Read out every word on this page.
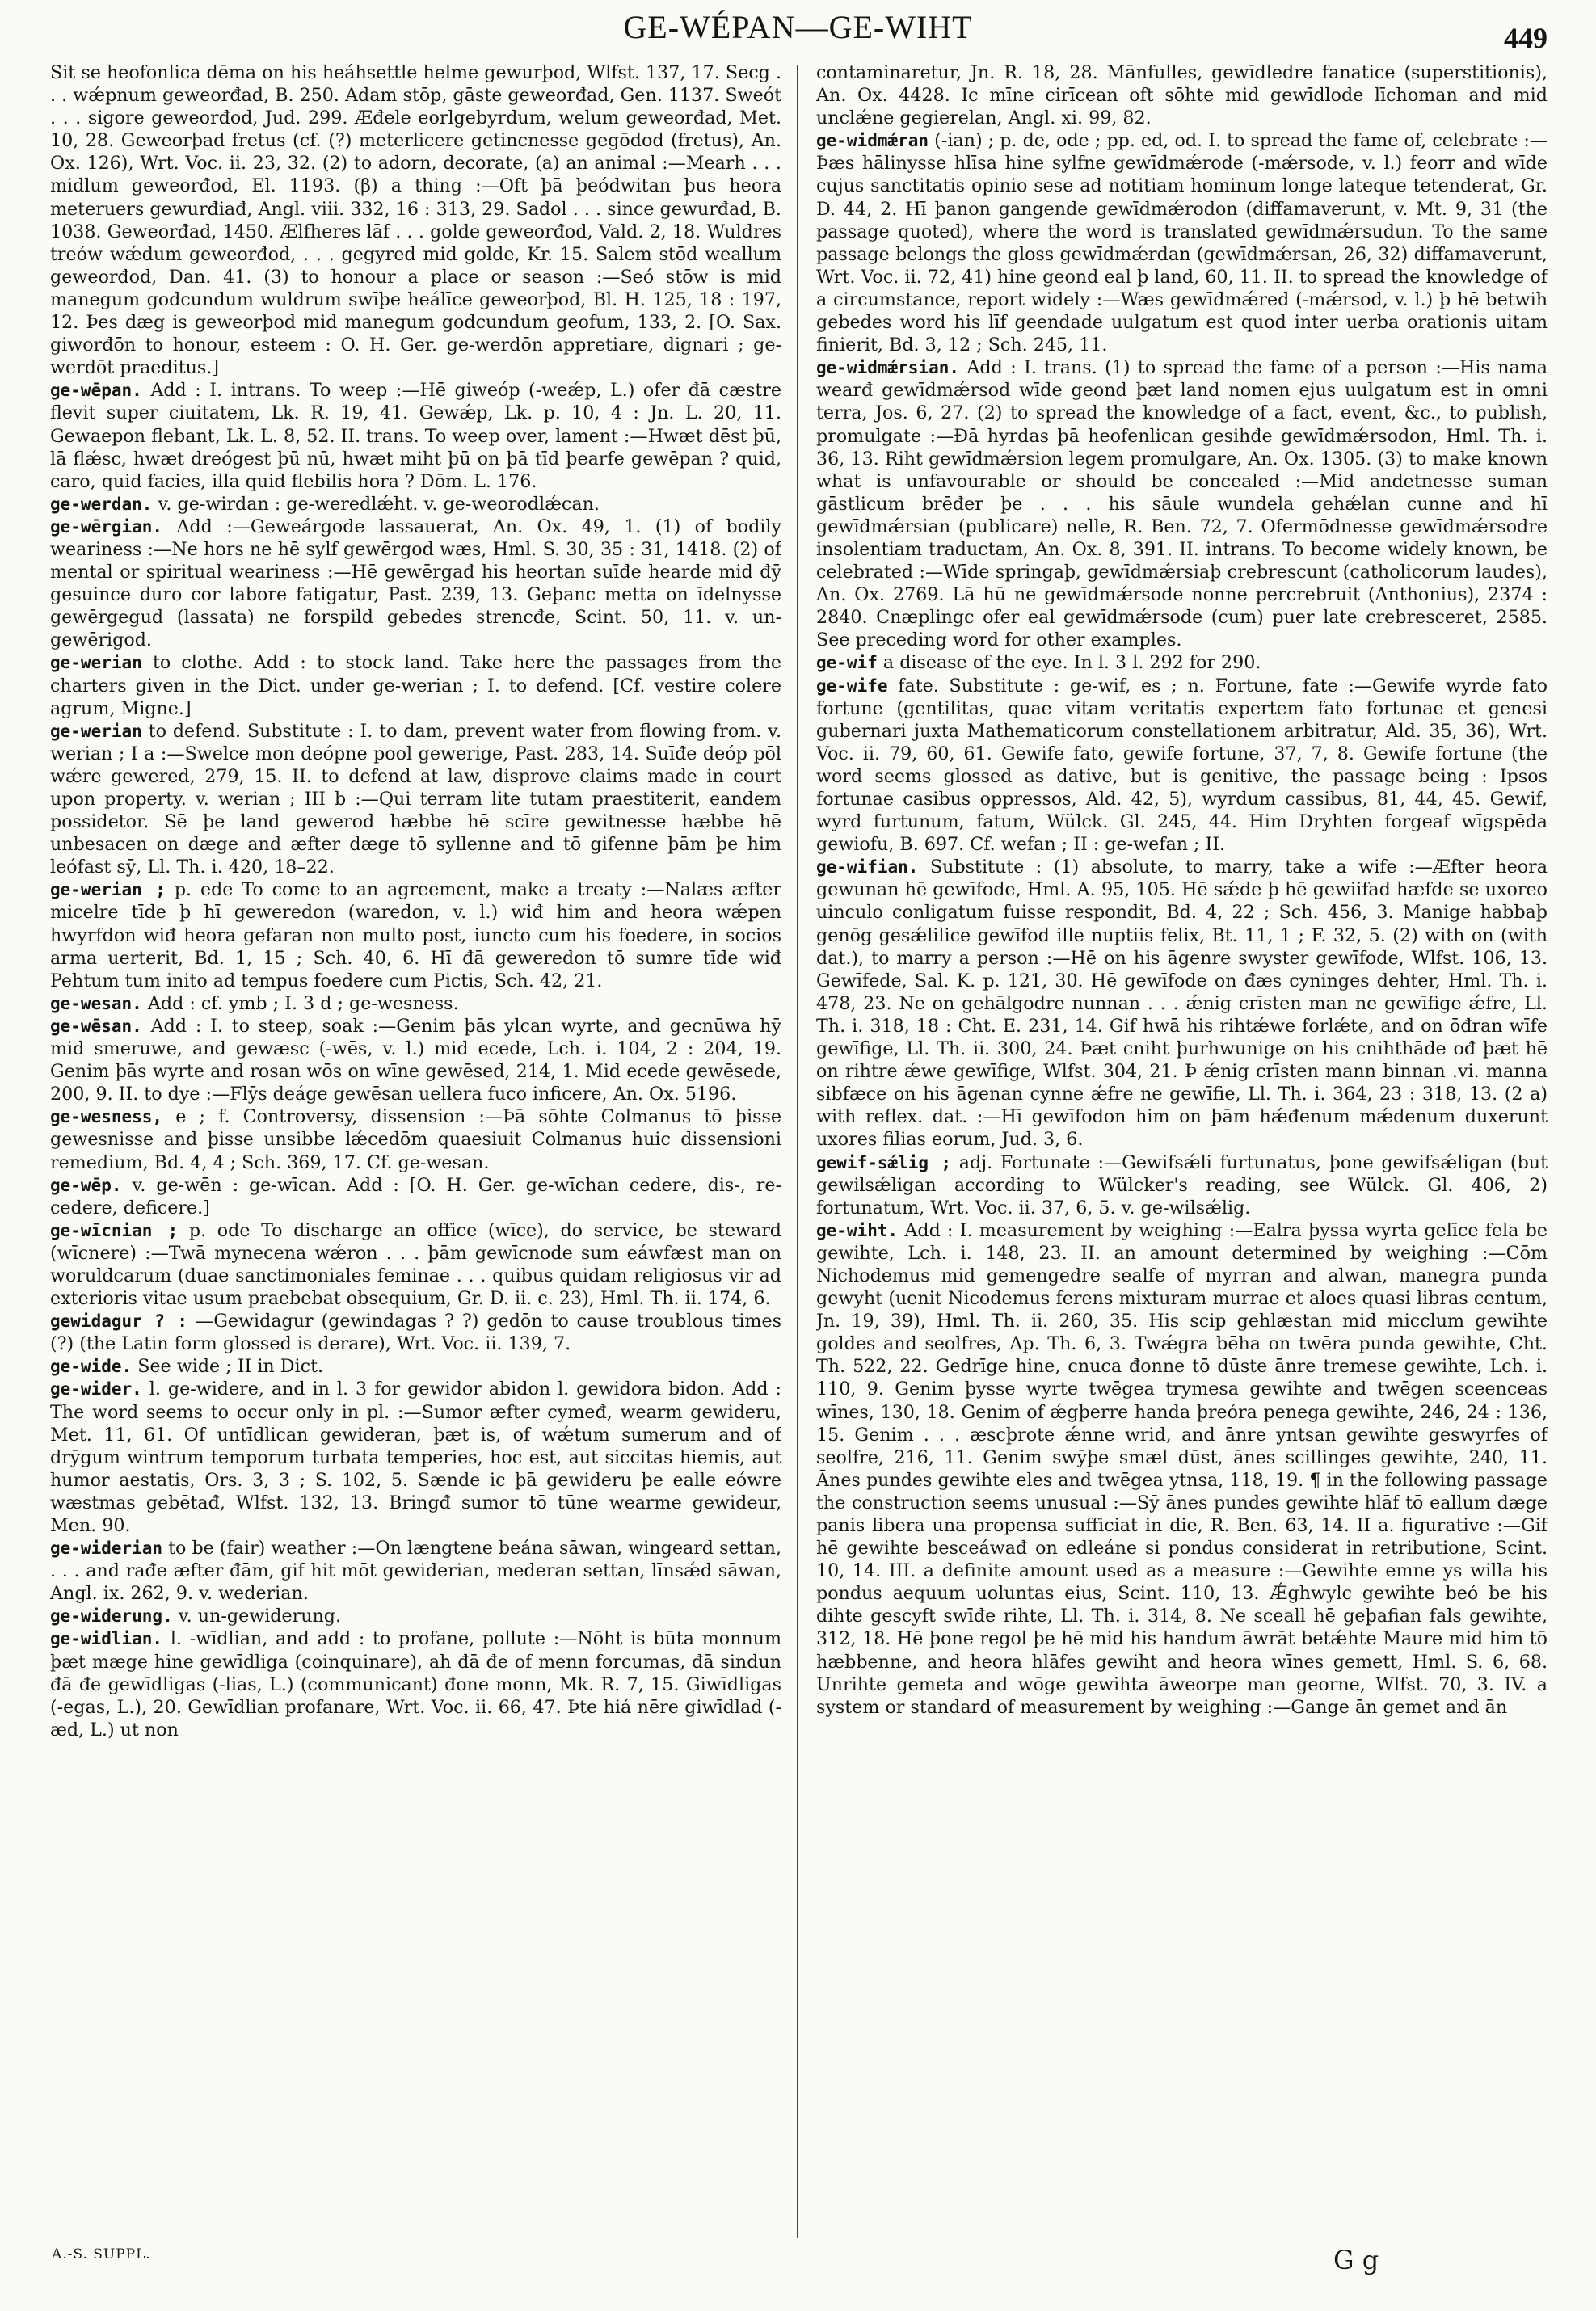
GE-WÉPAN—GE-WIHT	449

Sit se heofonlica dēma on his heáhsettle helme gewurþod, Wlfst. 137, 17. Secg . . . wǽpnum geweorđad, B. 250. Adam stōp, gāste geweorđad, Gen. 1137. Sweót . . . sigore geweorđod, Jud. 299. Æđele eorlgebyrdum, welum geweorđad, Met. 10, 28. Geweorþad fretus (cf. (?) meterlicere getincnesse gegōdod (fretus), An. Ox. 126), Wrt. Voc. ii. 23, 32. (2) to adorn, decorate, (a) an animal :—Mearh . . . midlum geweorđod, El. 1193. (β) a thing :—Oft þā þeódwitan þus heora meteruers gewurđiađ, Angl. viii. 332, 16 : 313, 29. Sadol . . . since gewurđad, B. 1038. Geweorđad, 1450. Ælfheres lāf . . . golde geweorđod, Vald. 2, 18. Wuldres treów wǽdum geweorđod, . . . gegyred mid golde, Kr. 15. Salem stōd weallum geweorđod, Dan. 41. (3) to honour a place or season :—Seó stōw is mid manegum godcundum wuldrum swīþe heálīce geweorþod, Bl. H. 125, 18 : 197, 12. Þes dæg is geweorþod mid manegum godcundum geofum, 133, 2. [O. Sax. giworđōn to honour, esteem : O. H. Ger. ge-werdōn appretiare, dignari ; ge-werdōt praeditus.]

ge-wēpan. Add : I. intrans. To weep :—Hē giweóp (-weǽp, L.) ofer đā cæstre flevit super ciuitatem, Lk. R. 19, 41. Gewǽp, Lk. p. 10, 4 : Jn. L. 20, 11. Gewaepon flebant, Lk. L. 8, 52. II. trans. To weep over, lament :—Hwæt dēst þū, lā flǽsc, hwæt dreógest þū nū, hwæt miht þū on þā tīd þearfe gewēpan ? quid, caro, quid facies, illa quid flebilis hora ? Dōm. L. 176.

ge-werdan. v. ge-wirdan : ge-weredlǽht. v. ge-weorodlǽcan.

ge-wērgian. Add :—Geweárgode lassauerat, An. Ox. 49, 1. (1) of bodily weariness :—Ne hors ne hē sylf gewērgod wæs, Hml. S. 30, 35 : 31, 1418. (2) of mental or spiritual weariness :—Hē gewērgađ his heortan suīđe hearde mid đȳ gesuince duro cor labore fatigatur, Past. 239, 13. Geþanc metta on īdelnysse gewērgegud (lassata) ne forspild gebedes strencđe, Scint. 50, 11. v. un-gewērigod.

ge-werian to clothe. Add : to stock land. Take here the passages from the charters given in the Dict. under ge-werian ; I. to defend. [Cf. vestire colere agrum, Migne.]

ge-werian to defend. Substitute : I. to dam, prevent water from flowing from. v. werian ; I a :—Swelce mon deópne pool gewerige, Past. 283, 14. Suīđe deóp pōl wǽre gewered, 279, 15. II. to defend at law, disprove claims made in court upon property. v. werian ; III b :—Qui terram lite tutam praestiterit, eandem possidetor. Sē þe land gewerod hæbbe hē scīre gewitnesse hæbbe hē unbesacen on dæge and æfter dæge tō syllenne and tō gifenne þām þe him leófast sȳ, Ll. Th. i. 420, 18–22.

ge-werian ; p. ede To come to an agreement, make a treaty :—Nalæs æfter micelre tīde þ hī geweredon (waredon, v. l.) wiđ him and heora wǽpen hwyrfdon wiđ heora gefaran non multo post, iuncto cum his foedere, in socios arma uerterit, Bd. 1, 15 ; Sch. 40, 6. Hī đā geweredon tō sumre tīde wiđ Pehtum tum inito ad tempus foedere cum Pictis, Sch. 42, 21.

ge-wesan. Add : cf. ymb ; I. 3 d ; ge-wesness.

ge-wēsan. Add : I. to steep, soak :—Genim þās ylcan wyrte, and gecnūwa hȳ mid smeruwe, and gewæsc (-wēs, v. l.) mid ecede, Lch. i. 104, 2 : 204, 19. Genim þās wyrte and rosan wōs on wīne gewēsed, 214, 1. Mid ecede gewēsede, 200, 9. II. to dye :—Flȳs deáge gewēsan uellera fuco inficere, An. Ox. 5196.

ge-wesness, e ; f. Controversy, dissension :—Þā sōhte Colmanus tō þisse gewesnisse and þisse unsibbe lǽcedōm quaesiuit Colmanus huic dissensioni remedium, Bd. 4, 4 ; Sch. 369, 17. Cf. ge-wesan.

ge-wēp. v. ge-wēn : ge-wīcan. Add : [O. H. Ger. ge-wīchan cedere, dis-, re-cedere, deficere.]

ge-wīcnian ; p. ode To discharge an office (wīce), do service, be steward (wīcnere) :—Twā mynecena wǽron . . . þām gewīcnode sum eáwfæst man on woruldcarum (duae sanctimoniales feminae . . . quibus quidam religiosus vir ad exterioris vitae usum praebebat obsequium, Gr. D. ii. c. 23), Hml. Th. ii. 174, 6.

gewidagur ? : —Gewidagur (gewindagas ? ?) gedōn to cause troublous times (?) (the Latin form glossed is derare), Wrt. Voc. ii. 139, 7.

ge-wide. See wide ; II in Dict.

ge-wider. l. ge-widere, and in l. 3 for gewidor abidon l. gewidora bidon. Add : The word seems to occur only in pl. :—Sumor æfter cymeđ, wearm gewideru, Met. 11, 61. Of untīdlican gewideran, þæt is, of wǽtum sumerum and of drȳgum wintrum temporum turbata temperies, hoc est, aut siccitas hiemis, aut humor aestatis, Ors. 3, 3 ; S. 102, 5. Sænde ic þā gewideru þe ealle eówre wæstmas gebētađ, Wlfst. 132, 13. Bringđ sumor tō tūne wearme gewideur, Men. 90.

ge-widerian to be (fair) weather :—On længtene beána sāwan, wingeard settan, . . . and rađe æfter đām, gif hit mōt gewiderian, mederan settan, līnsǽd sāwan, Angl. ix. 262, 9. v. wederian.

ge-widerung. v. un-gewiderung.

ge-widlian. l. -wīdlian, and add : to profane, pollute :—Nōht is būta monnum þæt mæge hine gewīdliga (coinquinare), ah đā đe of menn forcumas, đā sindun đā đe gewīdligas (-lias, L.) (communicant) đone monn, Mk. R. 7, 15. Giwīdligas (-egas, L.), 20. Gewīdlian profanare, Wrt. Voc. ii. 66, 47. Þte hiá nēre giwīdlad (-æd, L.) ut non

contaminaretur, Jn. R. 18, 28. Mānfulles, gewīdledre fanatice (superstitionis), An. Ox. 4428. Ic mīne cirīcean oft sōhte mid gewīdlode līchoman and mid unclǽne gegierelan, Angl. xi. 99, 82.

ge-widmǽran (-ian) ; p. de, ode ; pp. ed, od. I. to spread the fame of, celebrate :—Þæs hālinysse hlīsa hine sylfne gewīdmǽrode (-mǽrsode, v. l.) feorr and wīde cujus sanctitatis opinio sese ad notitiam hominum longe lateque tetenderat, Gr. D. 44, 2. Hī þanon gangende gewīdmǽrodon (diffamaverunt, v. Mt. 9, 31 (the passage quoted), where the word is translated gewīdmǽrsudun. To the same passage belongs the gloss gewīdmǽrdan (gewīdmǽrsan, 26, 32) diffamaverunt, Wrt. Voc. ii. 72, 41) hine geond eal þ land, 60, 11. II. to spread the knowledge of a circumstance, report widely :—Wæs gewīdmǽred (-mǽrsod, v. l.) þ hē betwih gebedes word his līf geendade uulgatum est quod inter uerba orationis uitam finierit, Bd. 3, 12 ; Sch. 245, 11.

ge-widmǽrsian. Add : I. trans. (1) to spread the fame of a person :—His nama wearđ gewīdmǽrsod wīde geond þæt land nomen ejus uulgatum est in omni terra, Jos. 6, 27. (2) to spread the knowledge of a fact, event, &c., to publish, promulgate :—Đā hyrdas þā heofenlican gesihđe gewīdmǽrsodon, Hml. Th. i. 36, 13. Riht gewīdmǽrsion legem promulgare, An. Ox. 1305. (3) to make known what is unfavourable or should be concealed :—Mid andetnesse suman gāstlicum brēđer þe . . . his sāule wundela gehǽlan cunne and hī gewīdmǽrsian (publicare) nelle, R. Ben. 72, 7. Ofermōdnesse gewīdmǽrsodre insolentiam traductam, An. Ox. 8, 391. II. intrans. To become widely known, be celebrated :—Wīde springaþ, gewīdmǽrsiaþ crebrescunt (catholicorum laudes), An. Ox. 2769. Lā hū ne gewīdmǽrsode nonne percrebruit (Anthonius), 2374 : 2840. Cnæplingc ofer eal gewīdmǽrsode (cum) puer late crebresceret, 2585. See preceding word for other examples.

ge-wif a disease of the eye. In l. 3 l. 292 for 290.

ge-wife fate. Substitute : ge-wif, es ; n. Fortune, fate :—Gewife wyrde fato fortune (gentilitas, quae vitam veritatis expertem fato fortunae et genesi gubernari juxta Mathematicorum constellationem arbitratur, Ald. 35, 36), Wrt. Voc. ii. 79, 60, 61. Gewife fato, gewife fortune, 37, 7, 8. Gewife fortune (the word seems glossed as dative, but is genitive, the passage being : Ipsos fortunae casibus oppressos, Ald. 42, 5), wyrdum cassibus, 81, 44, 45. Gewif, wyrd furtunum, fatum, Wülck. Gl. 245, 44. Him Dryhten forgeaf wīgspēda gewiofu, B. 697. Cf. wefan ; II : ge-wefan ; II.

ge-wifian. Substitute : (1) absolute, to marry, take a wife :—Æfter heora gewunan hē gewīfode, Hml. A. 95, 105. Hē sǽde þ hē gewiifad hæfde se uxoreo uinculo conligatum fuisse respondit, Bd. 4, 22 ; Sch. 456, 3. Manige habbaþ genōg gesǽlilice gewīfod ille nuptiis felix, Bt. 11, 1 ; F. 32, 5. (2) with on (with dat.), to marry a person :—Hē on his āgenre swyster gewīfode, Wlfst. 106, 13. Gewīfede, Sal. K. p. 121, 30. Hē gewīfode on đæs cyninges dehter, Hml. Th. i. 478, 23. Ne on gehālgodre nunnan . . . ǽnig crīsten man ne gewīfige ǽfre, Ll. Th. i. 318, 18 : Cht. E. 231, 14. Gif hwā his rihtǽwe forlǽte, and on ōđran wīfe gewīfige, Ll. Th. ii. 300, 24. Þæt cniht þurhwunige on his cnihthāde ođ þæt hē on rihtre ǽwe gewīfige, Wlfst. 304, 21. Þ ǽnig crīsten mann binnan .vi. manna sibfæce on his āgenan cynne ǽfre ne gewīfie, Ll. Th. i. 364, 23 : 318, 13. (2 a) with reflex. dat. :—Hī gewīfodon him on þām hǽđenum mǽdenum duxerunt uxores filias eorum, Jud. 3, 6.

gewif-sǽlig ; adj. Fortunate :—Gewifsǽli furtunatus, þone gewifsǽligan (but gewilsǽligan according to Wülcker's reading, see Wülck. Gl. 406, 2) fortunatum, Wrt. Voc. ii. 37, 6, 5. v. ge-wilsǽlig.

ge-wiht. Add : I. measurement by weighing :—Ealra þyssa wyrta gelīce fela be gewihte, Lch. i. 148, 23. II. an amount determined by weighing :—Cōm Nichodemus mid gemengedre sealfe of myrran and alwan, manegra punda gewyht (uenit Nicodemus ferens mixturam murrae et aloes quasi libras centum, Jn. 19, 39), Hml. Th. ii. 260, 35. His scip gehlæstan mid micclum gewihte goldes and seolfres, Ap. Th. 6, 3. Twǽgra bēha on twēra punda gewihte, Cht. Th. 522, 22. Gedrīge hine, cnuca đonne tō dūste ānre tremese gewihte, Lch. i. 110, 9. Genim þysse wyrte twēgea trymesa gewihte and twēgen sceenceas wīnes, 130, 18. Genim of ǽgþerre handa þreóra penega gewihte, 246, 24 : 136, 15. Genim . . . æscþrote ǽnne wrid, and ānre yntsan gewihte geswyrfes of seolfre, 216, 11. Genim swȳþe smæl dūst, ānes scillinges gewihte, 240, 11. Ānes pundes gewihte eles and twēgea ytnsa, 118, 19. ¶ in the following passage the construction seems unusual :—Sȳ ānes pundes gewihte hlāf tō eallum dæge panis libera una propensa sufficiat in die, R. Ben. 63, 14. II a. figurative :—Gif hē gewihte besceáwađ on edleáne si pondus considerat in retributione, Scint. 10, 14. III. a definite amount used as a measure :—Gewihte emne ys willa his pondus aequum uoluntas eius, Scint. 110, 13. Ǽghwylc gewihte beó be his dihte gescyft swīđe rihte, Ll. Th. i. 314, 8. Ne sceall hē geþafian fals gewihte, 312, 18. Hē þone regol þe hē mid his handum āwrāt betǽhte Maure mid him tō hæbbenne, and heora hlāfes gewiht and heora wīnes gemett, Hml. S. 6, 68. Unrihte gemeta and wōge gewihta āweorpe man georne, Wlfst. 70, 3. IV. a system or standard of measurement by weighing :—Gange ān gemet and ān

A.-S. SUPPL.	G g
